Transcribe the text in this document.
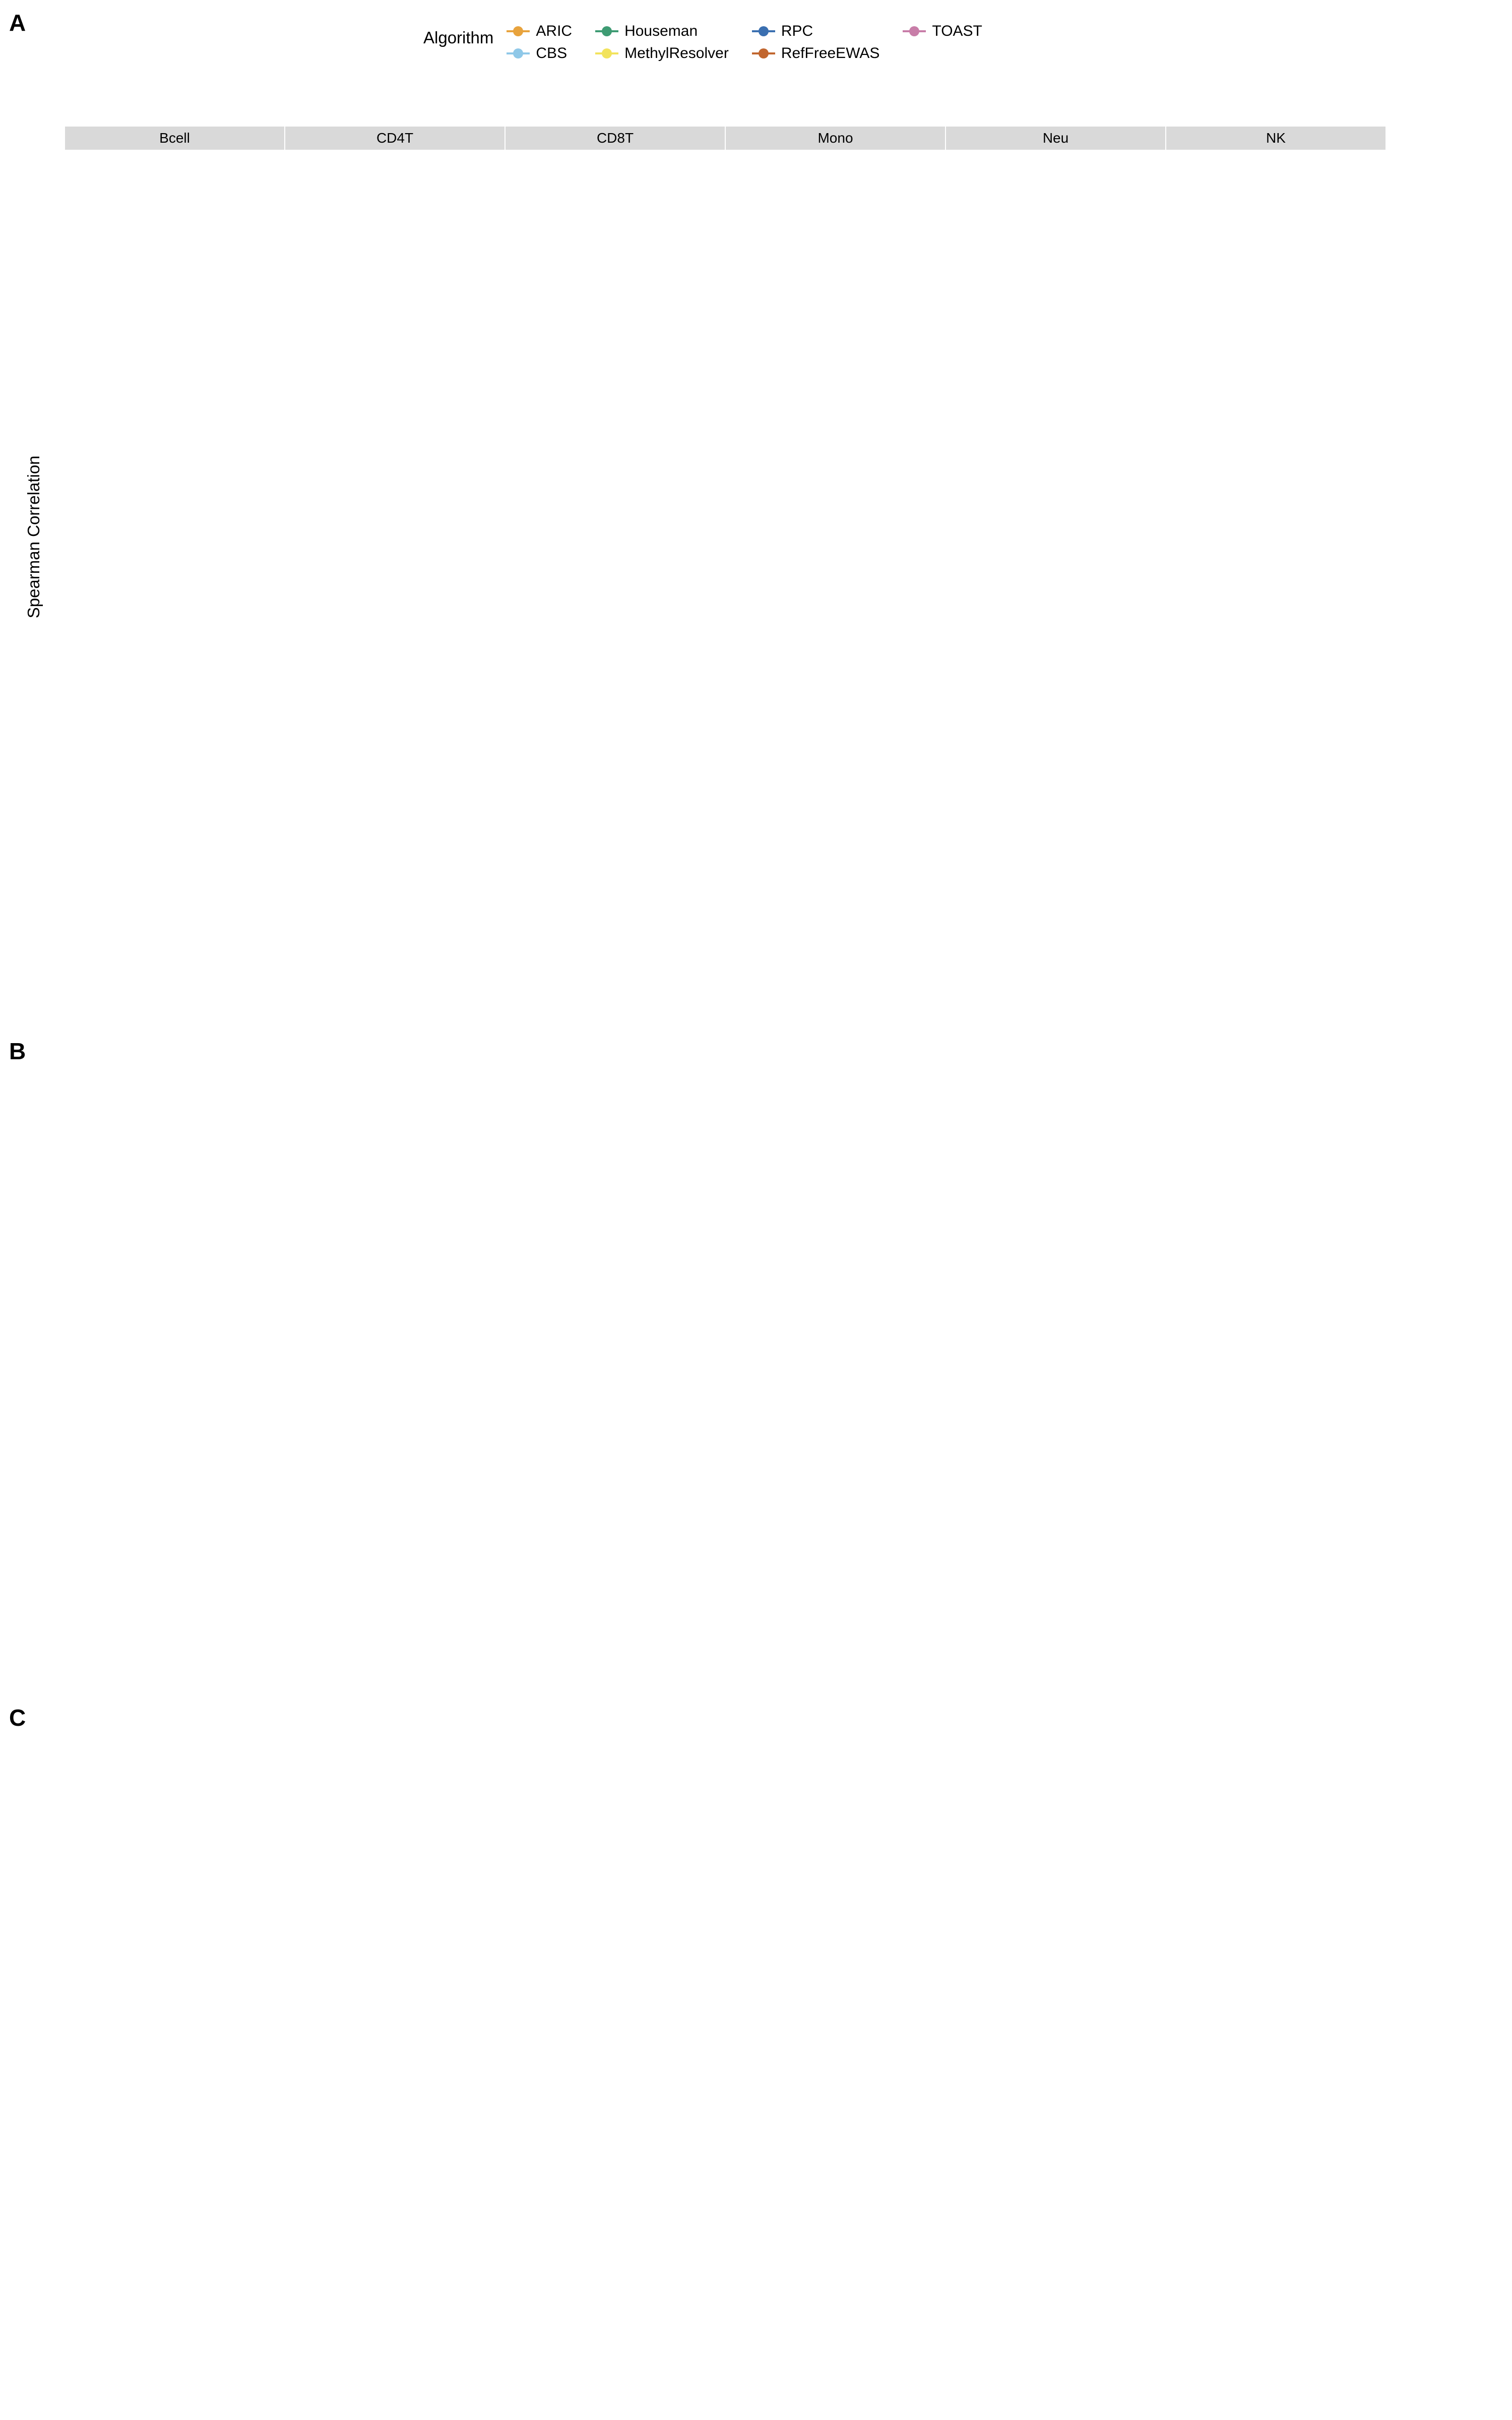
A
Algorithm	ARIC	Houseman	RPC	TOAST
CBS	MethylResolver	RefFreeEWAS
Spearman Correlation
Bcell	CD4T	CD8T	Mono	Neu	NK
B
C
